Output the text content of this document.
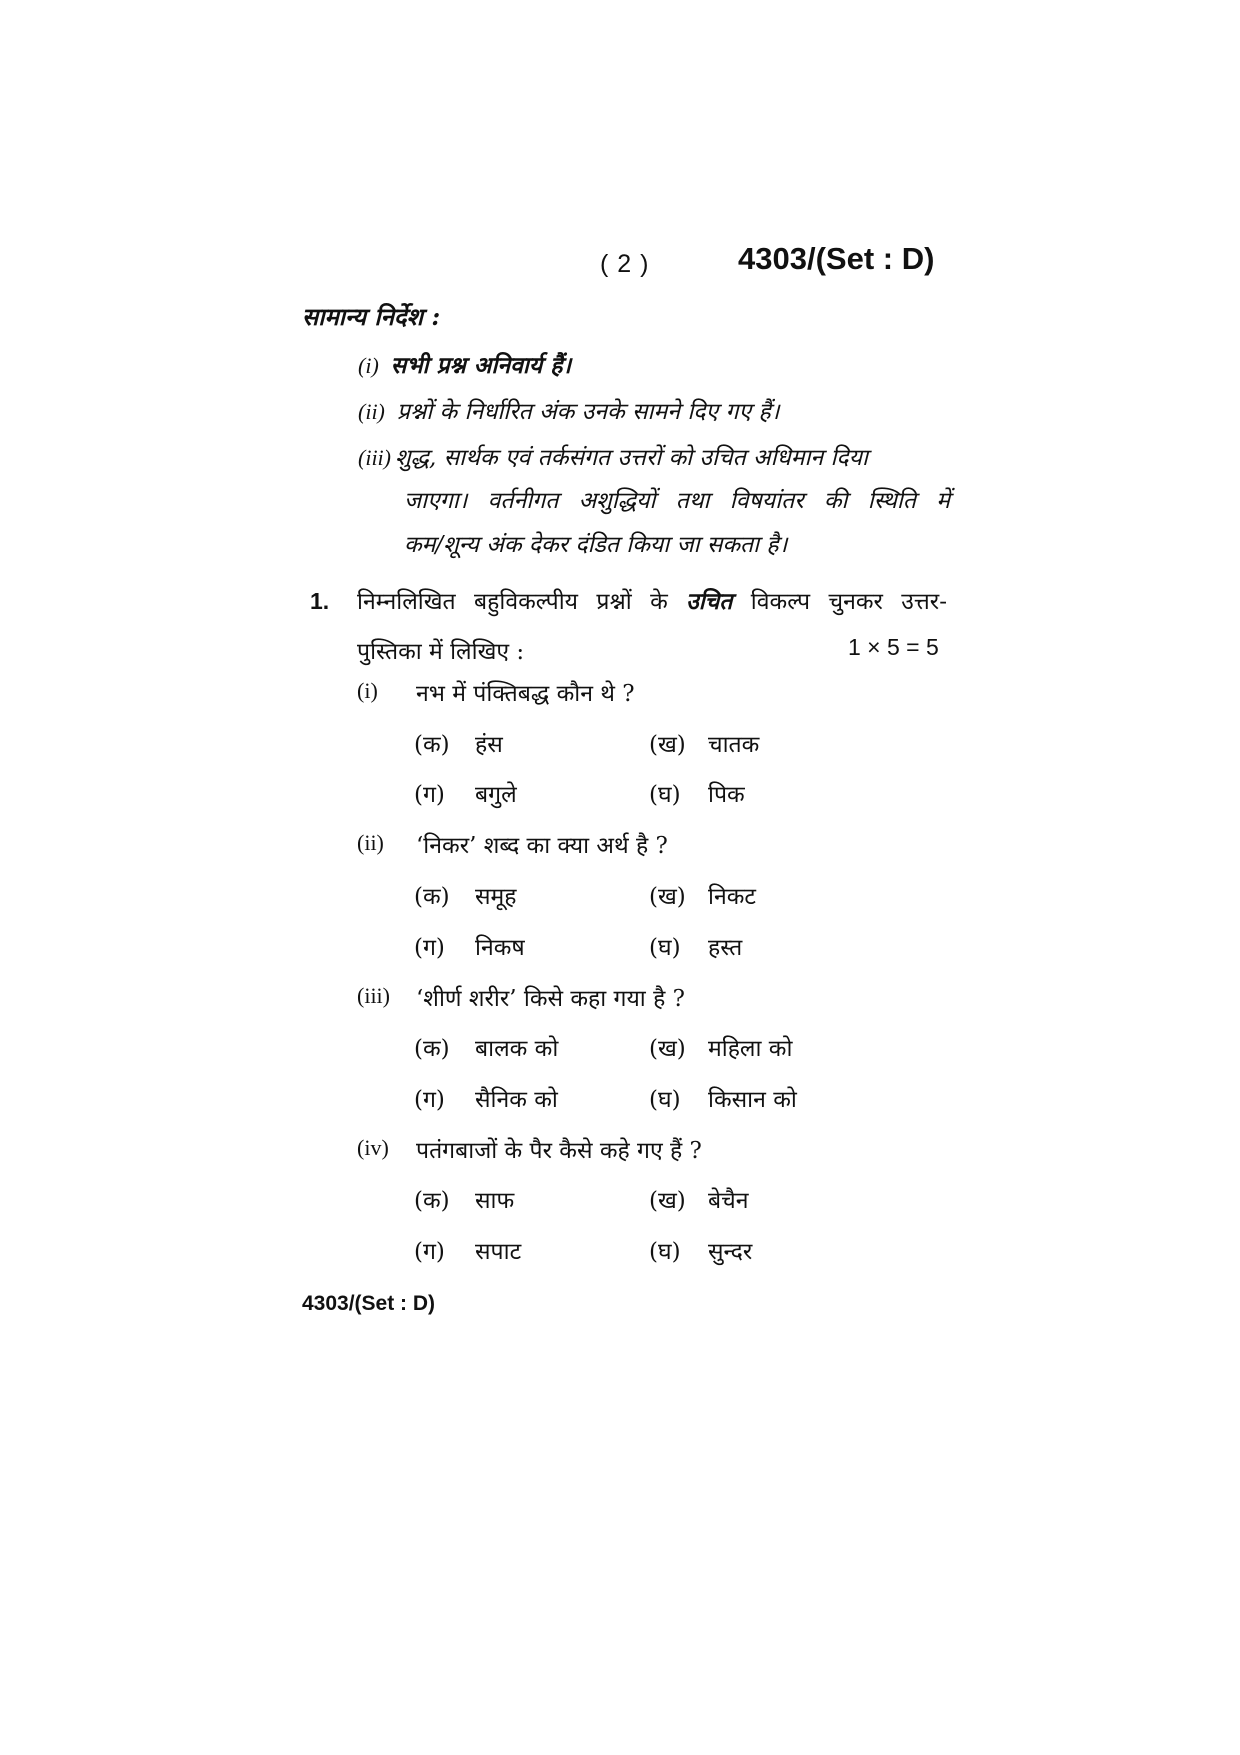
( 2 )	4303/(Set : D)
सामान्य निर्देश :
(i) सभी प्रश्न अनिवार्य हैं।
(ii) प्रश्नों के निर्धारित अंक उनके सामने दिए गए हैं।
(iii) शुद्ध, सार्थक एवं तर्कसंगत उत्तरों को उचित अधिमान दिया
जाएगा। वर्तनीगत अशुद्धियों तथा विषयांतर की स्थिति में
कम/शून्य अंक देकर दंडित किया जा सकता है।
1. निम्नलिखित बहुविकल्पीय प्रश्नों के उचित विकल्प चुनकर उत्तर-
पुस्तिका में लिखिए :	1 × 5 = 5
(i) नभ में पंक्तिबद्ध कौन थे ?
(क) हंस	(ख) चातक
(ग) बगुले	(घ) पिक
(ii) ‘निकर’ शब्द का क्या अर्थ है ?
(क) समूह	(ख) निकट
(ग) निकष	(घ) हस्त
(iii) ‘शीर्ण शरीर’ किसे कहा गया है ?
(क) बालक को	(ख) महिला को
(ग) सैनिक को	(घ) किसान को
(iv) पतंगबाजों के पैर कैसे कहे गए हैं ?
(क) साफ	(ख) बेचैन
(ग) सपाट	(घ) सुन्दर
4303/(Set : D)
